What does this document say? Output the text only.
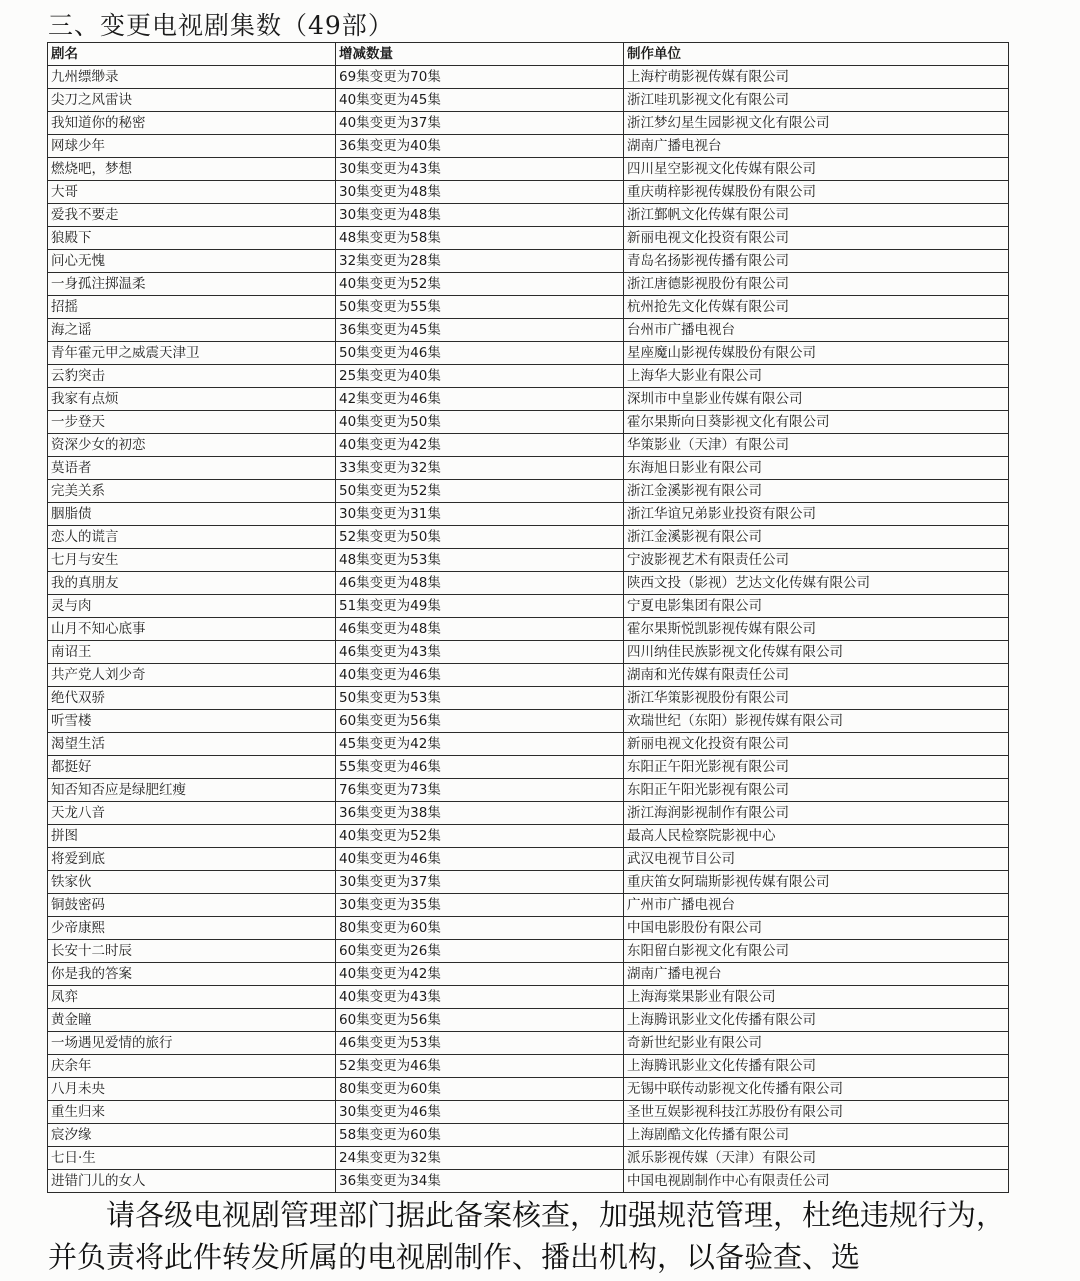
三、变更电视剧集数（49部）
剧名	增减数量	制作单位
九州缥缈录	69集变更为70集	上海柠萌影视传媒有限公司
尖刀之风雷诀	40集变更为45集	浙江哇玑影视文化有限公司
我知道你的秘密	40集变更为37集	浙江梦幻星生园影视文化有限公司
网球少年	36集变更为40集	湖南广播电视台
燃烧吧，梦想	30集变更为43集	四川星空影视文化传媒有限公司
大哥	30集变更为48集	重庆萌梓影视传媒股份有限公司
爱我不要走	30集变更为48集	浙江鄞帆文化传媒有限公司
狼殿下	48集变更为58集	新丽电视文化投资有限公司
问心无愧	32集变更为28集	青岛名扬影视传播有限公司
一身孤注掷温柔	40集变更为52集	浙江唐德影视股份有限公司
招摇	50集变更为55集	杭州抢先文化传媒有限公司
海之谣	36集变更为45集	台州市广播电视台
青年霍元甲之威震天津卫	50集变更为46集	星座魔山影视传媒股份有限公司
云豹突击	25集变更为40集	上海华大影业有限公司
我家有点烦	42集变更为46集	深圳市中皇影业传媒有限公司
一步登天	40集变更为50集	霍尔果斯向日葵影视文化有限公司
资深少女的初恋	40集变更为42集	华策影业（天津）有限公司
莫语者	33集变更为32集	东海旭日影业有限公司
完美关系	50集变更为52集	浙江金溪影视有限公司
胭脂债	30集变更为31集	浙江华谊兄弟影业投资有限公司
恋人的谎言	52集变更为50集	浙江金溪影视有限公司
七月与安生	48集变更为53集	宁波影视艺术有限责任公司
我的真朋友	46集变更为48集	陕西文投（影视）艺达文化传媒有限公司
灵与肉	51集变更为49集	宁夏电影集团有限公司
山月不知心底事	46集变更为48集	霍尔果斯悦凯影视传媒有限公司
南诏王	46集变更为43集	四川纳佳民族影视文化传媒有限公司
共产党人刘少奇	40集变更为46集	湖南和光传媒有限责任公司
绝代双骄	50集变更为53集	浙江华策影视股份有限公司
听雪楼	60集变更为56集	欢瑞世纪（东阳）影视传媒有限公司
渴望生活	45集变更为42集	新丽电视文化投资有限公司
都挺好	55集变更为46集	东阳正午阳光影视有限公司
知否知否应是绿肥红瘦	76集变更为73集	东阳正午阳光影视有限公司
天龙八音	36集变更为38集	浙江海润影视制作有限公司
拼图	40集变更为52集	最高人民检察院影视中心
将爱到底	40集变更为46集	武汉电视节目公司
铁家伙	30集变更为37集	重庆笛女阿瑞斯影视传媒有限公司
铜鼓密码	30集变更为35集	广州市广播电视台
少帝康熙	80集变更为60集	中国电影股份有限公司
长安十二时辰	60集变更为26集	东阳留白影视文化有限公司
你是我的答案	40集变更为42集	湖南广播电视台
凤弈	40集变更为43集	上海海棠果影业有限公司
黄金瞳	60集变更为56集	上海腾讯影业文化传播有限公司
一场遇见爱情的旅行	46集变更为53集	奇新世纪影业有限公司
庆余年	52集变更为46集	上海腾讯影业文化传播有限公司
八月未央	80集变更为60集	无锡中联传动影视文化传播有限公司
重生归来	30集变更为46集	圣世互娱影视科技江苏股份有限公司
宸汐缘	58集变更为60集	上海剧酷文化传播有限公司
七日·生	24集变更为32集	派乐影视传媒（天津）有限公司
进错门儿的女人	36集变更为34集	中国电视剧制作中心有限责任公司
请各级电视剧管理部门据此备案核查，加强规范管理，杜绝违规行为，并负责将此件转发所属的电视剧制作、播出机构，以备验查、选
